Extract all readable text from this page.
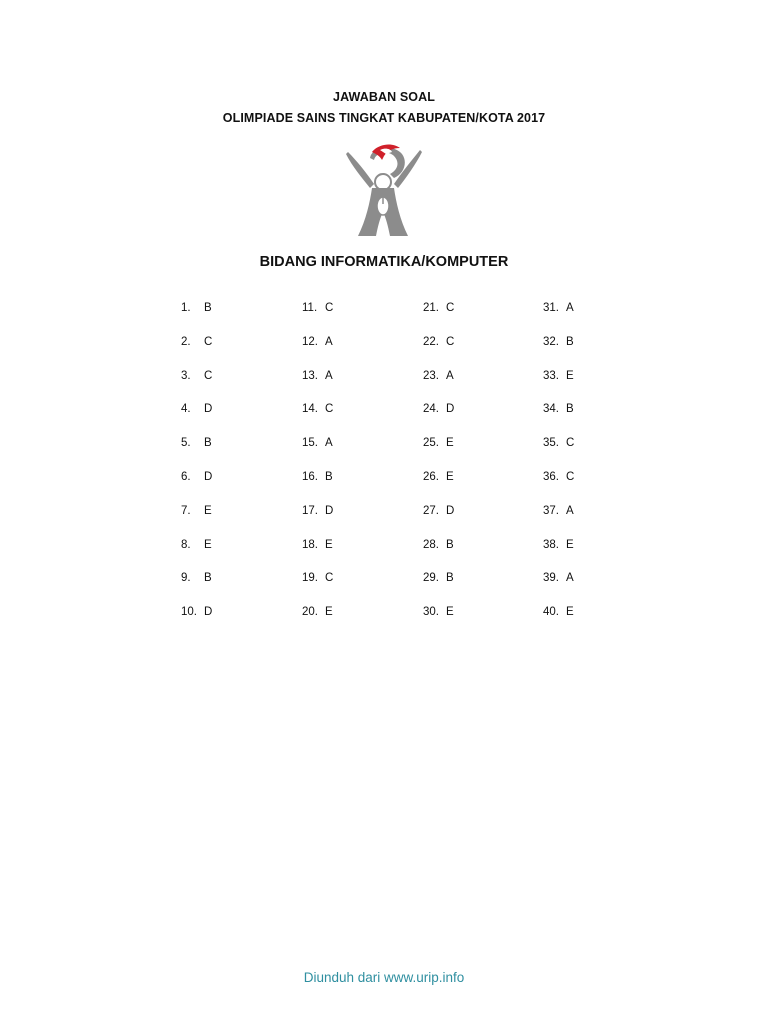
JAWABAN SOAL
OLIMPIADE SAINS TINGKAT KABUPATEN/KOTA 2017
BIDANG INFORMATIKA/KOMPUTER
1. B
2. C
3. C
4. D
5. B
6. D
7. E
8. E
9. B
10. D
11. C
12. A
13. A
14. C
15. A
16. B
17. D
18. E
19. C
20. E
21. C
22. C
23. A
24. D
25. E
26. E
27. D
28. B
29. B
30. E
31. A
32. B
33. E
34. B
35. C
36. C
37. A
38. E
39. A
40. E
Diunduh dari www.urip.info
